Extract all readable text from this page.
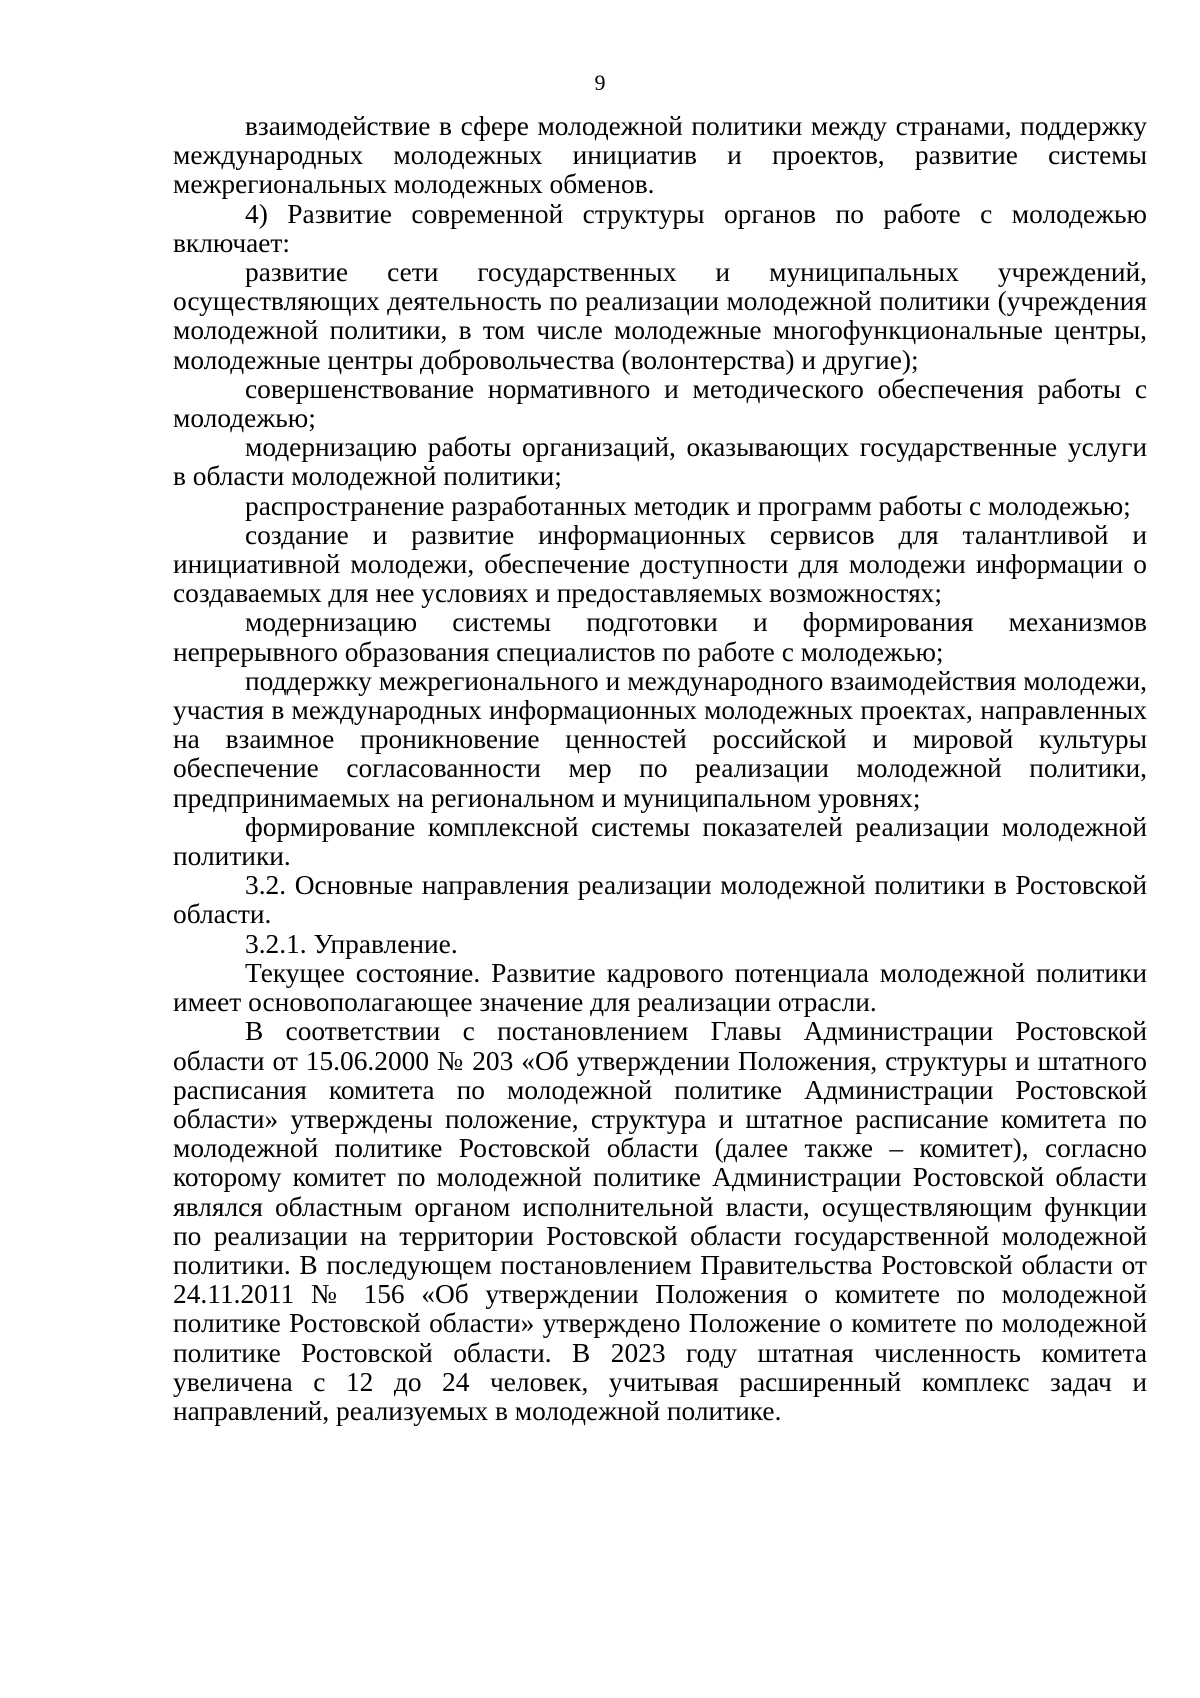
9

взаимодействие в сфере молодежной политики между странами, поддержку международных молодежных инициатив и проектов, развитие системы межрегиональных молодежных обменов.

4) Развитие современной структуры органов по работе с молодежью включает:

развитие сети государственных и муниципальных учреждений, осуществляющих деятельность по реализации молодежной политики (учреждения молодежной политики, в том числе молодежные многофункциональные центры, молодежные центры добровольчества (волонтерства) и другие);

совершенствование нормативного и методического обеспечения работы с молодежью;

модернизацию работы организаций, оказывающих государственные услуги в области молодежной политики;

распространение разработанных методик и программ работы с молодежью;

создание и развитие информационных сервисов для талантливой и инициативной молодежи, обеспечение доступности для молодежи информации о создаваемых для нее условиях и предоставляемых возможностях;

модернизацию системы подготовки и формирования механизмов непрерывного образования специалистов по работе с молодежью;

поддержку межрегионального и международного взаимодействия молодежи, участия в международных информационных молодежных проектах, направленных на взаимное проникновение ценностей российской и мировой культуры обеспечение согласованности мер по реализации молодежной политики, предпринимаемых на региональном и муниципальном уровнях;

формирование комплексной системы показателей реализации молодежной политики.

3.2. Основные направления реализации молодежной политики в Ростовской области.

3.2.1. Управление.

Текущее состояние. Развитие кадрового потенциала молодежной политики имеет основополагающее значение для реализации отрасли.

В соответствии с постановлением Главы Администрации Ростовской области от 15.06.2000 № 203 «Об утверждении Положения, структуры и штатного расписания комитета по молодежной политике Администрации Ростовской области» утверждены положение, структура и штатное расписание комитета по молодежной политике Ростовской области (далее также – комитет), согласно которому комитет по молодежной политике Администрации Ростовской области являлся областным органом исполнительной власти, осуществляющим функции по реализации на территории Ростовской области государственной молодежной политики. В последующем постановлением Правительства Ростовской области от 24.11.2011 № 156 «Об утверждении Положения о комитете по молодежной политике Ростовской области» утверждено Положение о комитете по молодежной политике Ростовской области. В 2023 году штатная численность комитета увеличена с 12 до 24 человек, учитывая расширенный комплекс задач и направлений, реализуемых в молодежной политике.
